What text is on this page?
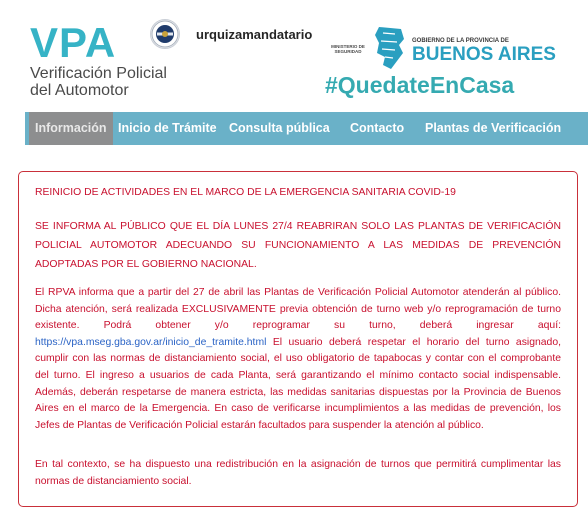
VPA
Verificación Policial
del Automotor
urquizamandatario
MINISTERIO DE SEGURIDAD
GOBIERNO DE LA PROVINCIA DE
BUENOS AIRES
#QuedateEnCasa
Información Inicio de Trámite Consulta pública Contacto Plantas de Verificación
REINICIO DE ACTIVIDADES EN EL MARCO DE LA EMERGENCIA SANITARIA COVID-19

SE INFORMA AL PÚBLICO QUE EL DÍA LUNES 27/4 REABRIRAN SOLO LAS PLANTAS DE VERIFICACIÓN POLICIAL AUTOMOTOR ADECUANDO SU FUNCIONAMIENTO A LAS MEDIDAS DE PREVENCIÓN ADOPTADAS POR EL GOBIERNO NACIONAL.

El RPVA informa que a partir del 27 de abril las Plantas de Verificación Policial Automotor atenderán al público. Dicha atención, será realizada EXCLUSIVAMENTE previa obtención de turno web y/o reprogramación de turno existente. Podrá obtener y/o reprogramar su turno, deberá ingresar aquí: https://vpa.mseg.gba.gov.ar/inicio_de_tramite.html El usuario deberá respetar el horario del turno asignado, cumplir con las normas de distanciamiento social, el uso obligatorio de tapabocas y contar con el comprobante del turno. El ingreso a usuarios de cada Planta, será garantizando el mínimo contacto social indispensable. Además, deberán respetarse de manera estricta, las medidas sanitarias dispuestas por la Provincia de Buenos Aires en el marco de la Emergencia. En caso de verificarse incumplimientos a las medidas de prevención, los Jefes de Plantas de Verificación Policial estarán facultados para suspender la atención al público.

En tal contexto, se ha dispuesto una redistribución en la asignación de turnos que permitirá cumplimentar las normas de distanciamiento social.
